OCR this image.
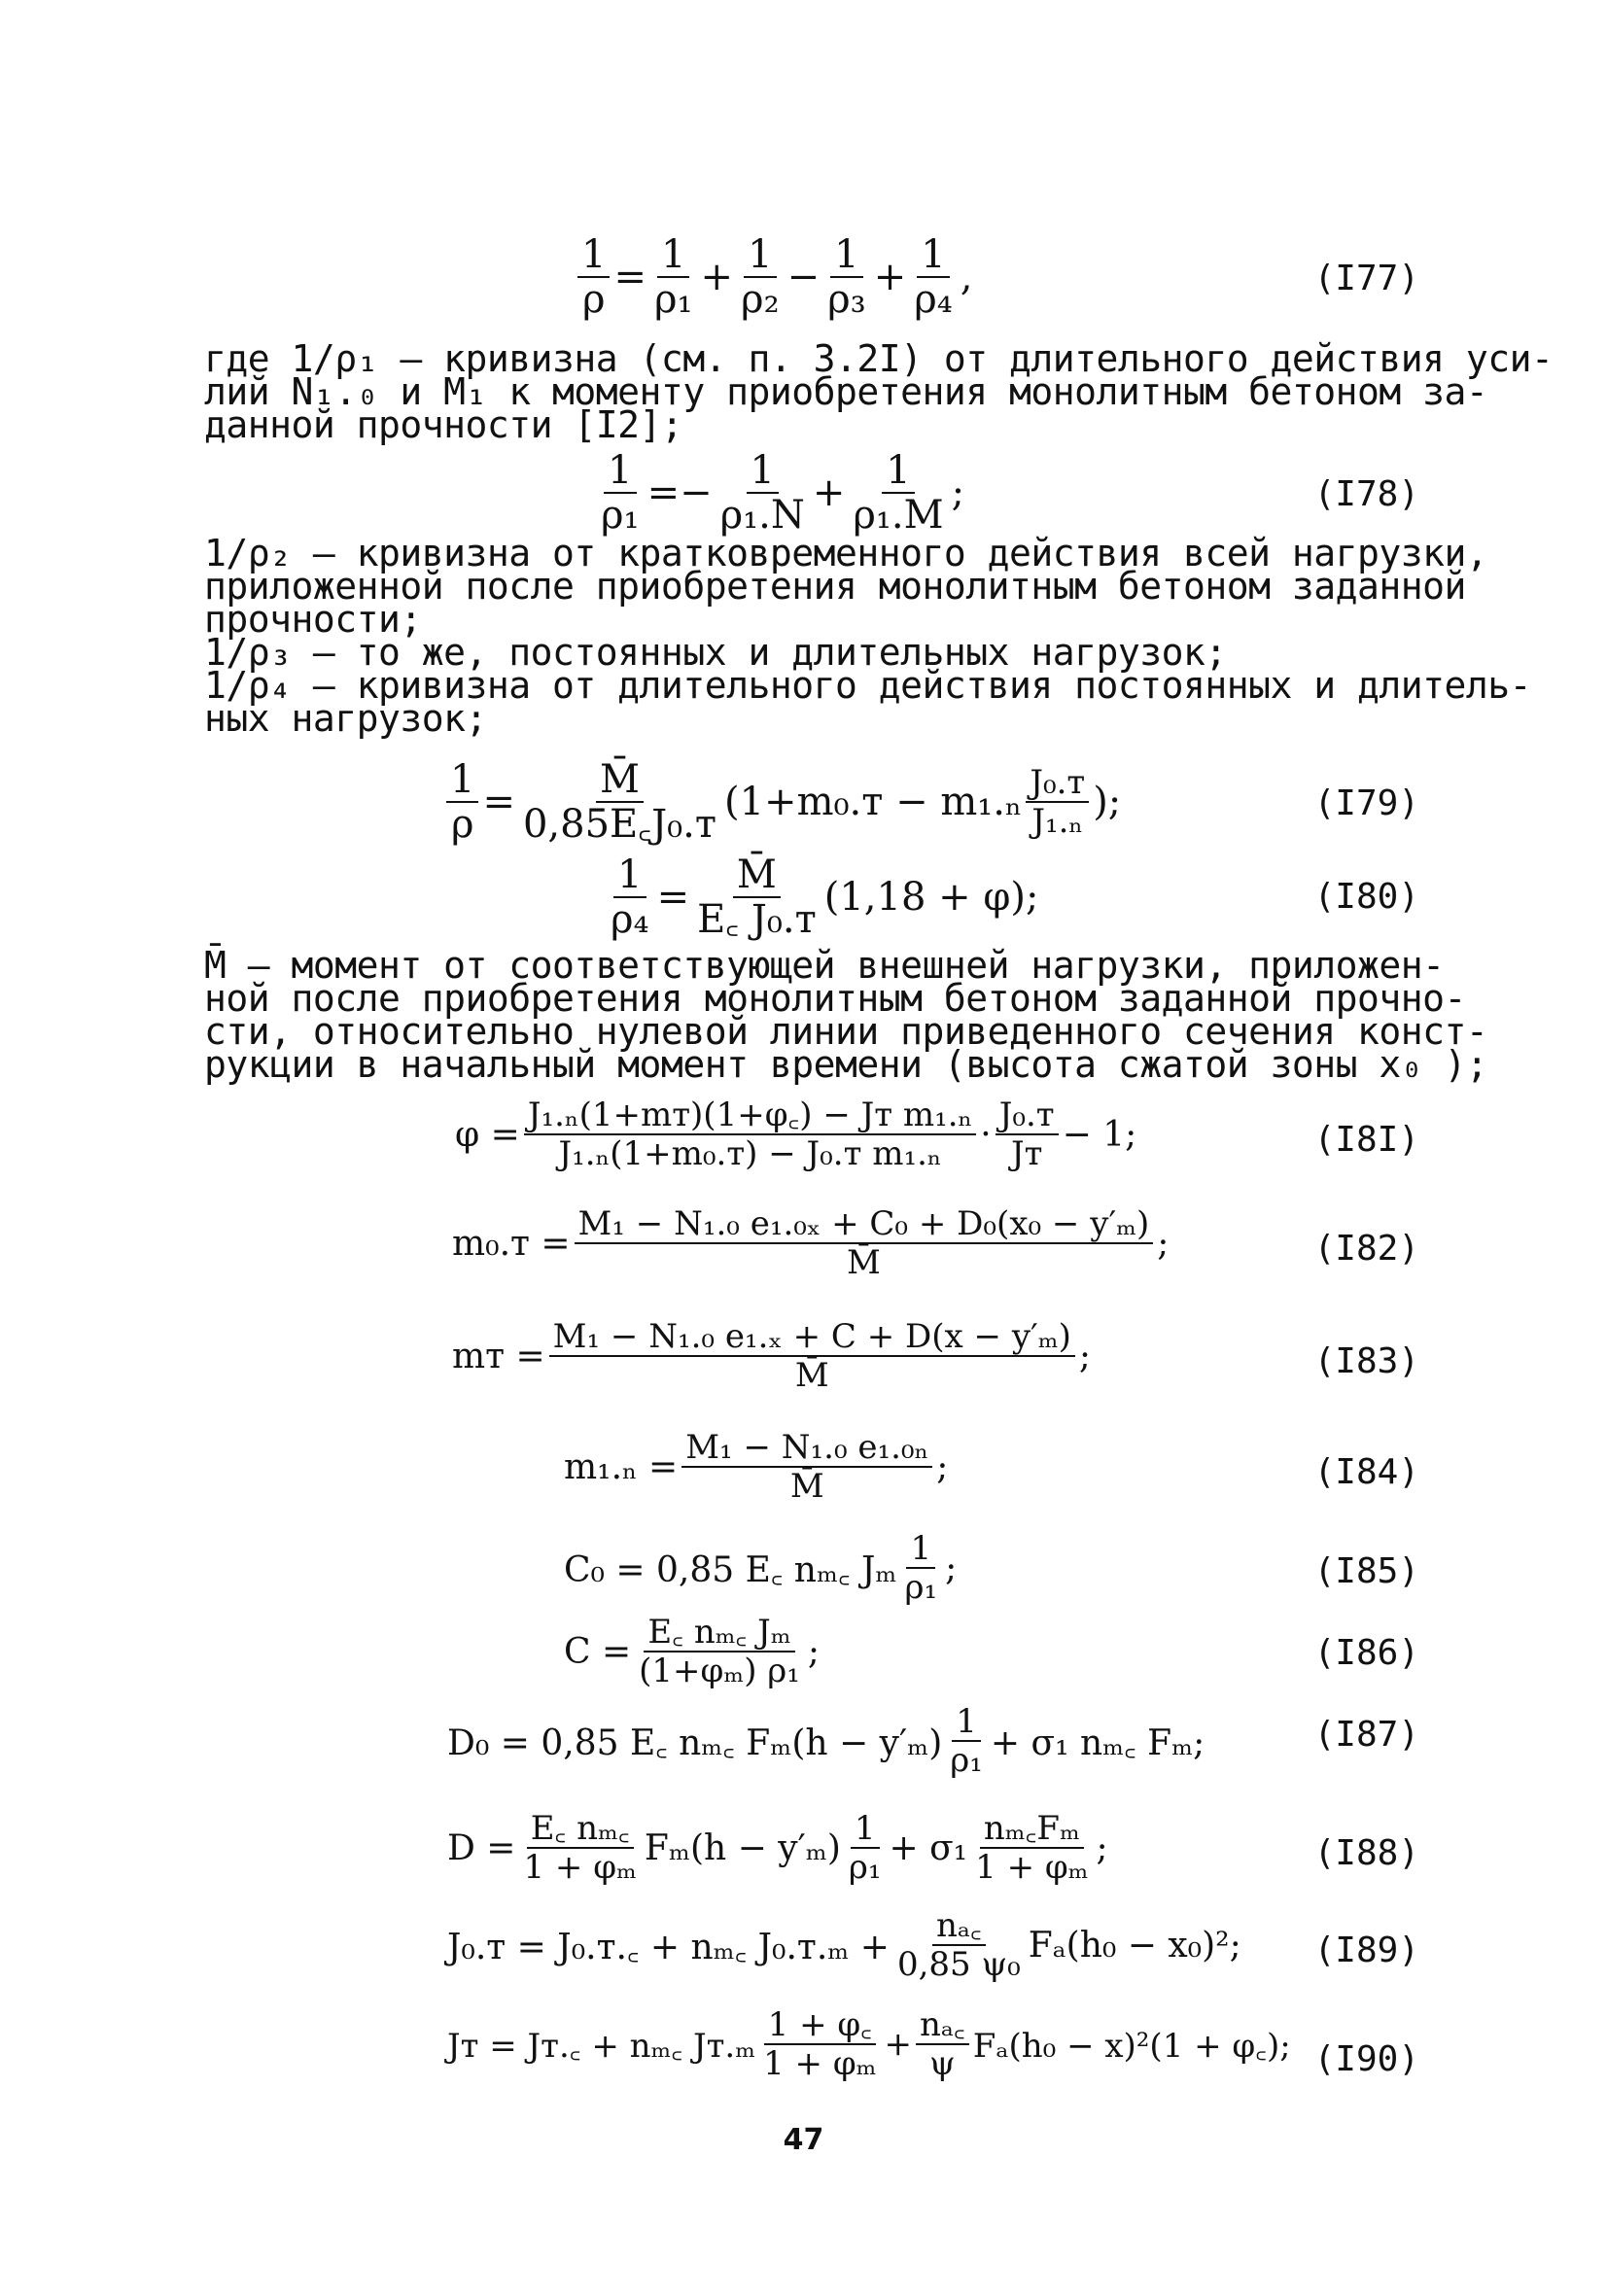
$\frac{1}{\rho} = \frac{1}{\text{ρ₁}} + \frac{1}{\text{ρ₂}} - \frac{1}{\text{ρ₃}} + \frac{1}{\text{ρ₄}}$ ,	(I77)
где 1/ρ₁ – кривизна (см. п. 3.2I) от длительного действия уси-
лий N₁.₀ и M₁ к моменту приобретения монолитным бетоном за-
данной прочности [I2];
$\frac{1}{\text{ρ₁}} =- \frac{1}{\text{ρ₁.N}} + \frac{1}{\text{ρ₁.M}}$ ;	(I78)
1/ρ₂ – кривизна от кратковременного действия всей нагрузки,
приложенной после приобретения монолитным бетоном заданной
прочности;
1/ρ₃ – то же, постоянных и длительных нагрузок;
1/ρ₄ – кривизна от длительного действия постоянных и длитель-
ных нагрузок;
$\frac{1}{\rho} = \frac{M̄}{\text{0,85E꜀J₀.ᴛ}}$ (1+m₀.ᴛ − $m_1._n \frac{\text{J₀.ᴛ}}{\text{J₁.ₙ}}$ );	(I79)
$\frac{1}{\text{ρ₄}} = \frac{M̄}{\text{E꜀ J₀.ᴛ}} (1,18 + \varphi)$;	(I80)
M̄ – момент от соответствующей внешней нагрузки, приложен-
ной после приобретения монолитным бетоном заданной прочно-
сти, относительно нулевой линии приведенного сечения конст-
рукции в начальный момент времени (высота сжатой зоны x₀ );
$\varphi = \frac{\text{J₁.ₙ(1+mᴛ)(1+φ꜀) − Jᴛ m₁.ₙ}}{\text{J₁.ₙ(1+m₀.ᴛ) − J₀.ᴛ m₁.ₙ}} \cdot \frac{\text{J₀.ᴛ}}{\text{Jᴛ}} - 1$;	(I8I)
m₀.ᴛ = $\frac{\text{M₁ − N₁.₀ e₁.₀ₓ + C₀ + D₀(x₀ − y′ₘ)}}{M̄}$ ;	(I82)
mᴛ = $\frac{\text{M₁ − N₁.₀ e₁.ₓ + C + D(x − y′ₘ)}}{M̄}$ ;	(I83)
$m_1._n = \frac{\text{M₁ − N₁.₀ e₁.₀ₙ}}{M̄}$ ;	(I84)
C₀ = 0,85 E꜀ nₘ꜀ Jₘ $\frac{1}{\text{ρ₁}}$ ;	(I85)
$C = \frac{\text{E꜀ nₘ꜀ Jₘ}}{\text{(1+φₘ) ρ₁}}$ ;	(I86)
D₀ = 0,85 E꜀ nₘ꜀ $F_m(h - y'_m) \frac{1}{\text{ρ₁}} + \sigma_1$ nₘ꜀ Fₘ;	(I87)
$D = \frac{\text{E꜀ nₘ꜀}}{\text{1 + φₘ}} F_m(h - y'_m) \frac{1}{\text{ρ₁}} + \sigma_1 \frac{\text{nₘ꜀Fₘ}}{\text{1 + φₘ}}$ ;	(I88)
J₀.ᴛ = J₀.ᴛ.꜀ + nₘ꜀ J₀.ᴛ.ₘ + $\frac{\text{nₐ꜀}}{\text{0,85 ψ₀}} F_a(h_0 - x_0)^2$;	(I89)
Jᴛ = Jᴛ.꜀ + nₘ꜀ Jᴛ.ₘ $\frac{1 + \varphi꜀}{\text{1 + φₘ}} + \frac{\text{nₐ꜀}}{\psi} F_a(h_0 - x)^2(1$ + φ꜀); (I90)
47
